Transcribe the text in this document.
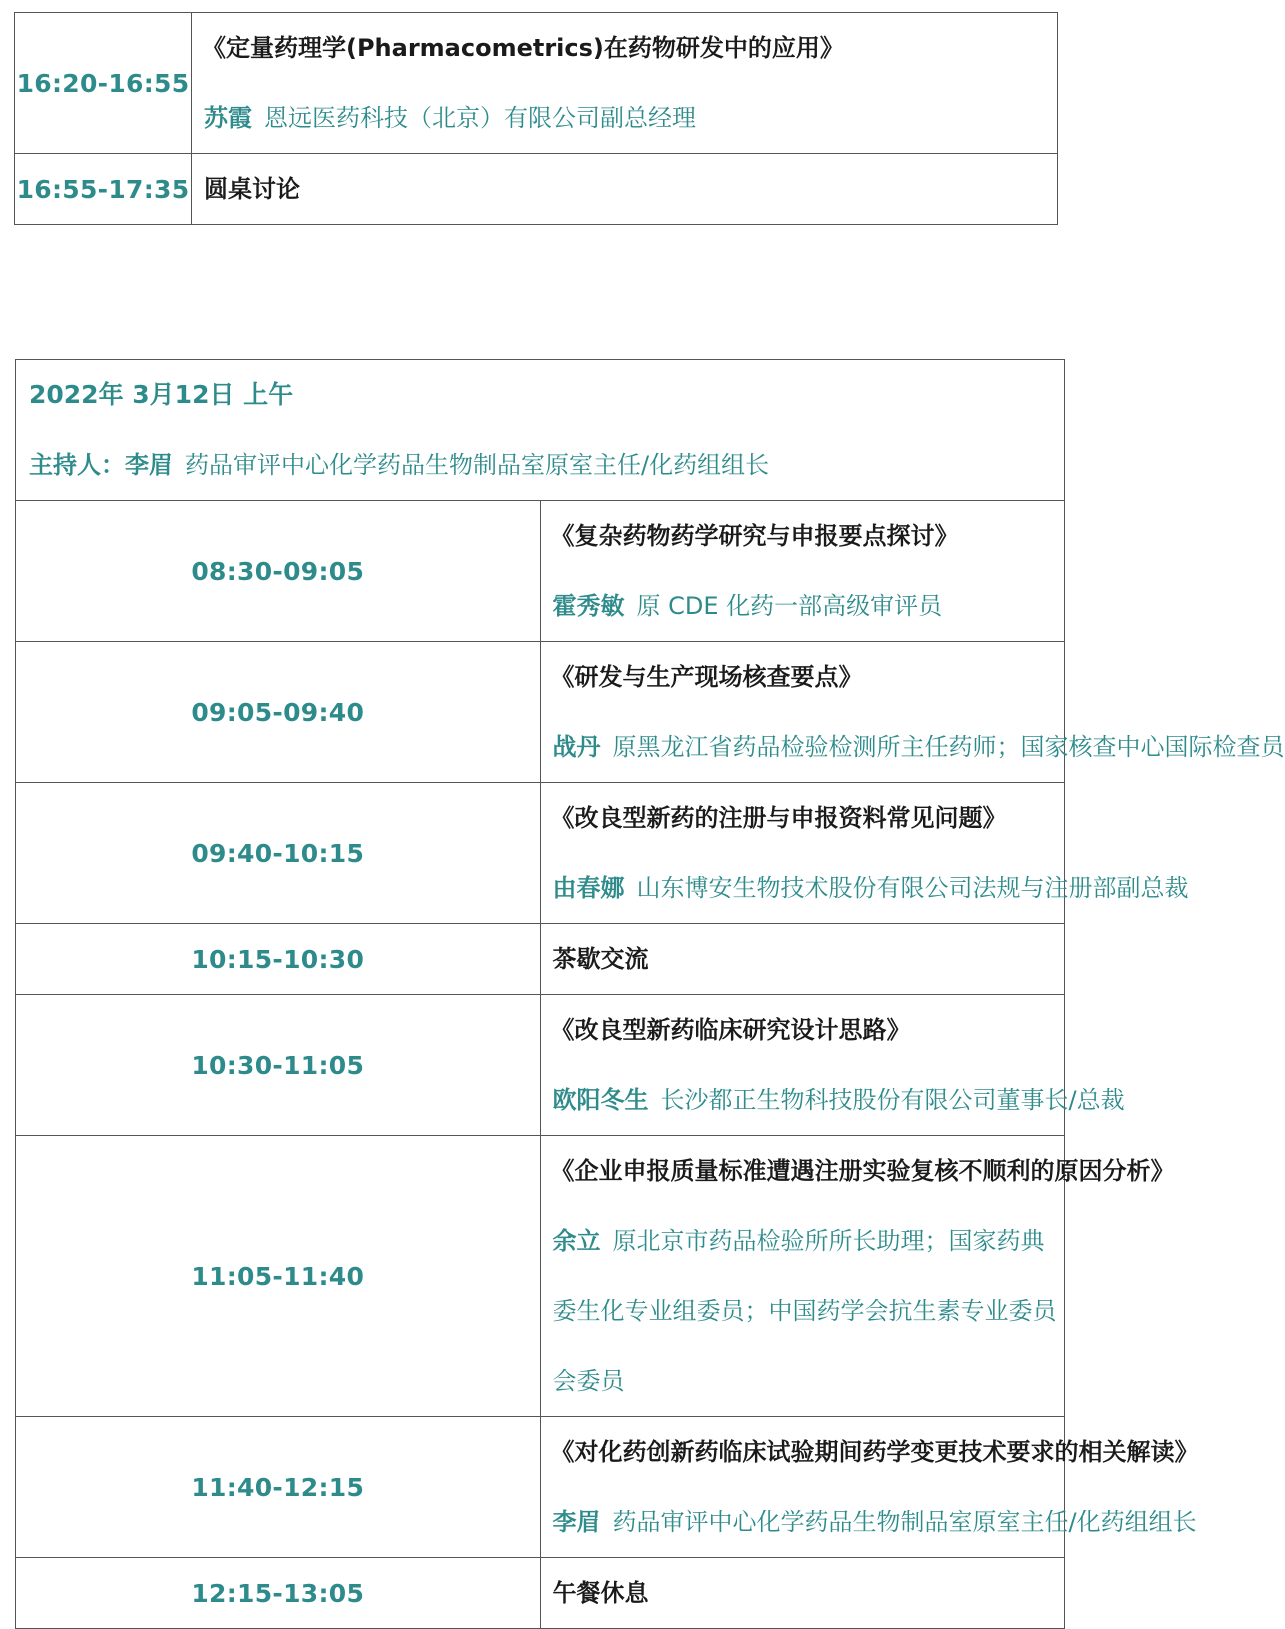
16:20-16:55	《定量药理学(Pharmacometrics)在药物研发中的应用》
苏霞 恩远医药科技（北京）有限公司副总经理

16:55-17:35	圆桌讨论
2022年 3月12日 上午
主持人：李眉 药品审评中心化学药品生物制品室原室主任/化药组组长	

08:30-09:05	《复杂药物药学研究与申报要点探讨》
霍秀敏 原 CDE 化药一部高级审评员

09:05-09:40	《研发与生产现场核查要点》
战丹 原黑龙江省药品检验检测所主任药师；国家核查中心国际检查员

09:40-10:15	《改良型新药的注册与申报资料常见问题》
由春娜 山东博安生物技术股份有限公司法规与注册部副总裁

10:15-10:30	茶歇交流

10:30-11:05	《改良型新药临床研究设计思路》
欧阳冬生 长沙都正生物科技股份有限公司董事长/总裁

11:05-11:40	《企业申报质量标准遭遇注册实验复核不顺利的原因分析》
余立 原北京市药品检验所所长助理；国家药典委生化专业组委员；中国药学会抗生素专业委员会委员

11:40-12:15	《对化药创新药临床试验期间药学变更技术要求的相关解读》
李眉 药品审评中心化学药品生物制品室原室主任/化药组组长

12:15-13:05	午餐休息
